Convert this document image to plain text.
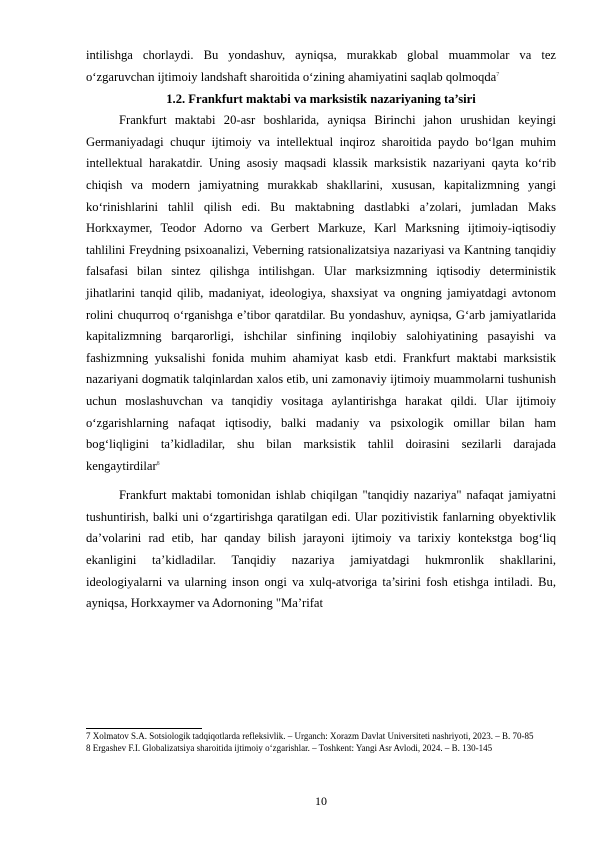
intilishga chorlaydi. Bu yondashuv, ayniqsa, murakkab global muammolar va tez o‘zgaruvchan ijtimoiy landshaft sharoitida o‘zining ahamiyatini saqlab qolmoqda$^7$

1.2. Frankfurt maktabi va marksistik nazariyaning ta’siri

Frankfurt maktabi 20-asr boshlarida, ayniqsa Birinchi jahon urushidan keyingi Germaniyadagi chuqur ijtimoiy va intellektual inqiroz sharoitida paydo bo‘lgan muhim intellektual harakatdir. Uning asosiy maqsadi klassik marksistik nazariyani qayta ko‘rib chiqish va modern jamiyatning murakkab shakllarini, xususan, kapitalizmning yangi ko‘rinishlarini tahlil qilish edi. Bu maktabning dastlabki a’zolari, jumladan Maks Horkxaymer, Teodor Adorno va Gerbert Markuze, Karl Marksning ijtimoiy-iqtisodiy tahlilini Freydning psixoanalizi, Veberning ratsionalizatsiya nazariyasi va Kantning tanqidiy falsafasi bilan sintez qilishga intilishgan. Ular marksizmning iqtisodiy deterministik jihatlarini tanqid qilib, madaniyat, ideologiya, shaxsiyat va ongning jamiyatdagi avtonom rolini chuqurroq o‘rganishga e’tibor qaratdilar. Bu yondashuv, ayniqsa, G‘arb jamiyatlarida kapitalizmning barqarorligi, ishchilar sinfining inqilobiy salohiyatining pasayishi va fashizmning yuksalishi fonida muhim ahamiyat kasb etdi. Frankfurt maktabi marksistik nazariyani dogmatik talqinlardan xalos etib, uni zamonaviy ijtimoiy muammolarni tushunish uchun moslashuvchan va tanqidiy vositaga aylantirishga harakat qildi. Ular ijtimoiy o‘zgarishlarning nafaqat iqtisodiy, balki madaniy va psixologik omillar bilan ham bog‘liqligini ta’kidladilar, shu bilan marksistik tahlil doirasini sezilarli darajada kengaytirdilar$^8$

Frankfurt maktabi tomonidan ishlab chiqilgan "tanqidiy nazariya" nafaqat jamiyatni tushuntirish, balki uni o‘zgartirishga qaratilgan edi. Ular pozitivistik fanlarning obyektivlik da’volarini rad etib, har qanday bilish jarayoni ijtimoiy va tarixiy kontekstga bog‘liq ekanligini ta’kidladilar. Tanqidiy nazariya jamiyatdagi hukmronlik shakllarini, ideologiyalarni va ularning inson ongi va xulq-atvoriga ta’sirini fosh etishga intiladi. Bu, ayniqsa, Horkxaymer va Adornoning "Ma’rifat

7 Xolmatov S.A. Sotsiologik tadqiqotlarda refleksivlik. – Urganch: Xorazm Davlat Universiteti nashriyoti, 2023. – B. 70-85

8 Ergashev F.I. Globalizatsiya sharoitida ijtimoiy o‘zgarishlar. – Toshkent: Yangi Asr Avlodi, 2024. – B. 130-145

10
